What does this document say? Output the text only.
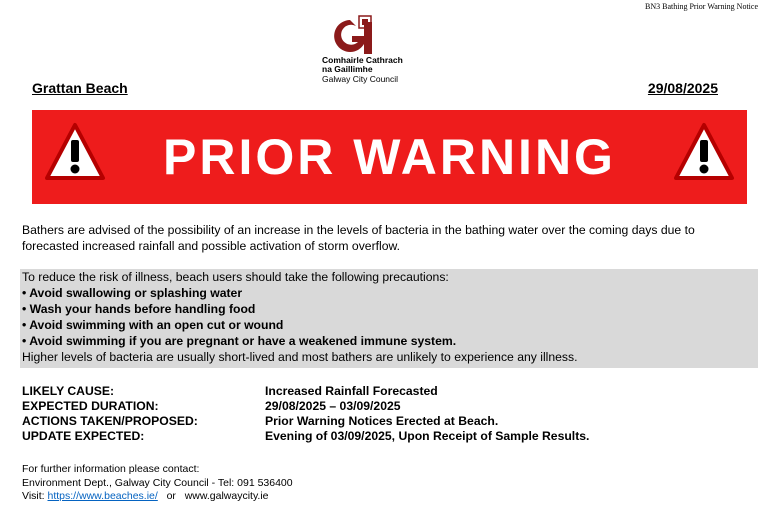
BN3 Bathing Prior Warning Notice
Comhairle Cathrach
na Gaillimhe
Galway City Council
Grattan Beach	29/08/2025
PRIOR WARNING
Bathers are advised of the possibility of an increase in the levels of bacteria in the bathing water over the coming days due to forecasted increased rainfall and possible activation of storm overflow.
To reduce the risk of illness, beach users should take the following precautions:
• Avoid swallowing or splashing water
• Wash your hands before handling food
• Avoid swimming with an open cut or wound
• Avoid swimming if you are pregnant or have a weakened immune system.
Higher levels of bacteria are usually short-lived and most bathers are unlikely to experience any illness.
LIKELY CAUSE:	Increased Rainfall Forecasted
EXPECTED DURATION:	29/08/2025 – 03/09/2025
ACTIONS TAKEN/PROPOSED:	Prior Warning Notices Erected at Beach.
UPDATE EXPECTED:	Evening of 03/09/2025, Upon Receipt of Sample Results.
For further information please contact:
Environment Dept., Galway City Council - Tel: 091 536400
Visit: https://www.beaches.ie/ or www.galwaycity.ie
